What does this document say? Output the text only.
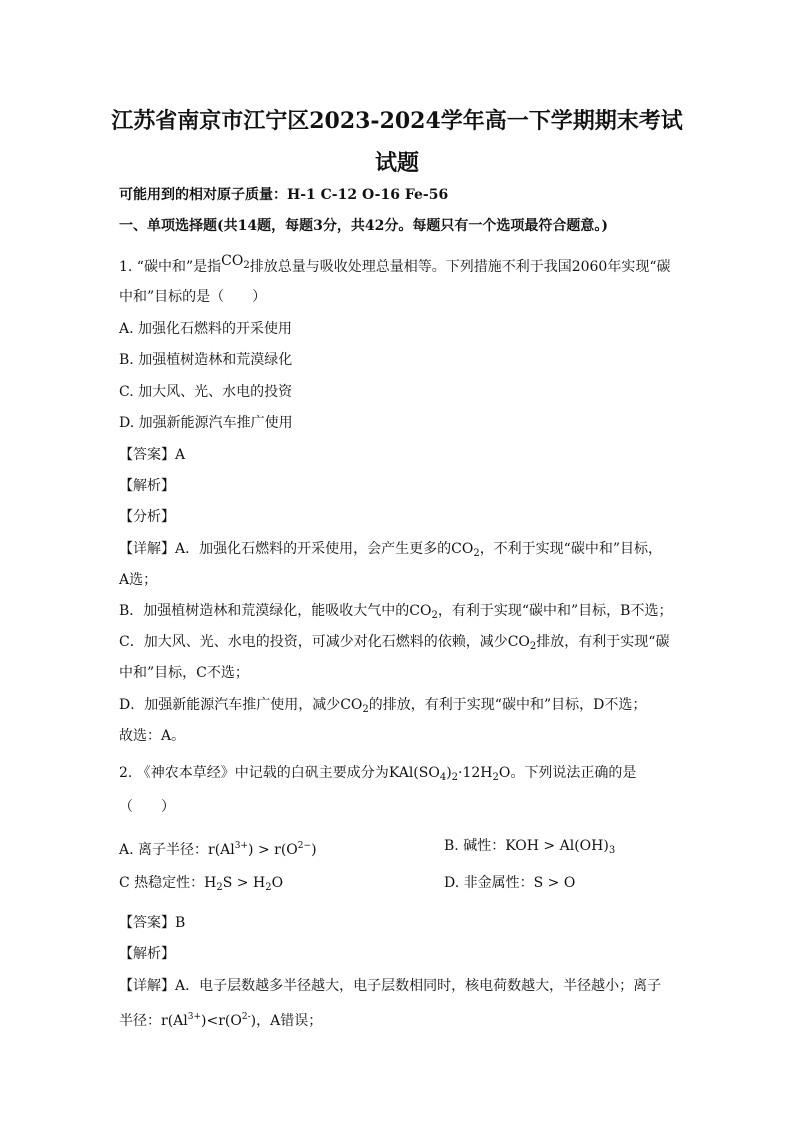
江苏省南京市江宁区2023-2024学年高一下学期期末考试
试题
可能用到的相对原子质量：H-1 C-12 O-16 Fe-56
一、单项选择题(共14题，每题3分，共42分。每题只有一个选项最符合题意。)
1. “碳中和”是指$CO_2$排放总量与吸收处理总量相等。下列措施不利于我国2060年实现“碳
中和”目标的是（　　）
A. 加强化石燃料的开采使用
B. 加强植树造林和荒漠绿化
C. 加大风、光、水电的投资
D. 加强新能源汽车推广使用
【答案】A
【解析】
【分析】
【详解】A．加强化石燃料的开采使用，会产生更多的$CO_2$，不利于实现“碳中和”目标，
A选；
B．加强植树造林和荒漠绿化，能吸收大气中的$CO_2$，有利于实现“碳中和”目标，B不选；
C．加大风、光、水电的投资，可减少对化石燃料的依赖，减少$CO_2$排放，有利于实现“碳
中和”目标，C不选；
D．加强新能源汽车推广使用，减少$CO_2$的排放，有利于实现“碳中和”目标，D不选；
故选：A。
2. 《神农本草经》中记载的白矾主要成分为$KAl(SO_4)_2\cdot 12H_2O$。下列说法正确的是
（　　）
A. 离子半径：$r(Al^{3+}) > r(O^{2-})$	B. 碱性：KOH > $Al(OH)_3$
C 热稳定性：$H_2S > H_2O$	D. 非金属性：S > O
【答案】B
【解析】
【详解】A．电子层数越多半径越大，电子层数相同时，核电荷数越大，半径越小；离子
半径：$r(Al^{3+})<r(O^{2-})$，A错误；
